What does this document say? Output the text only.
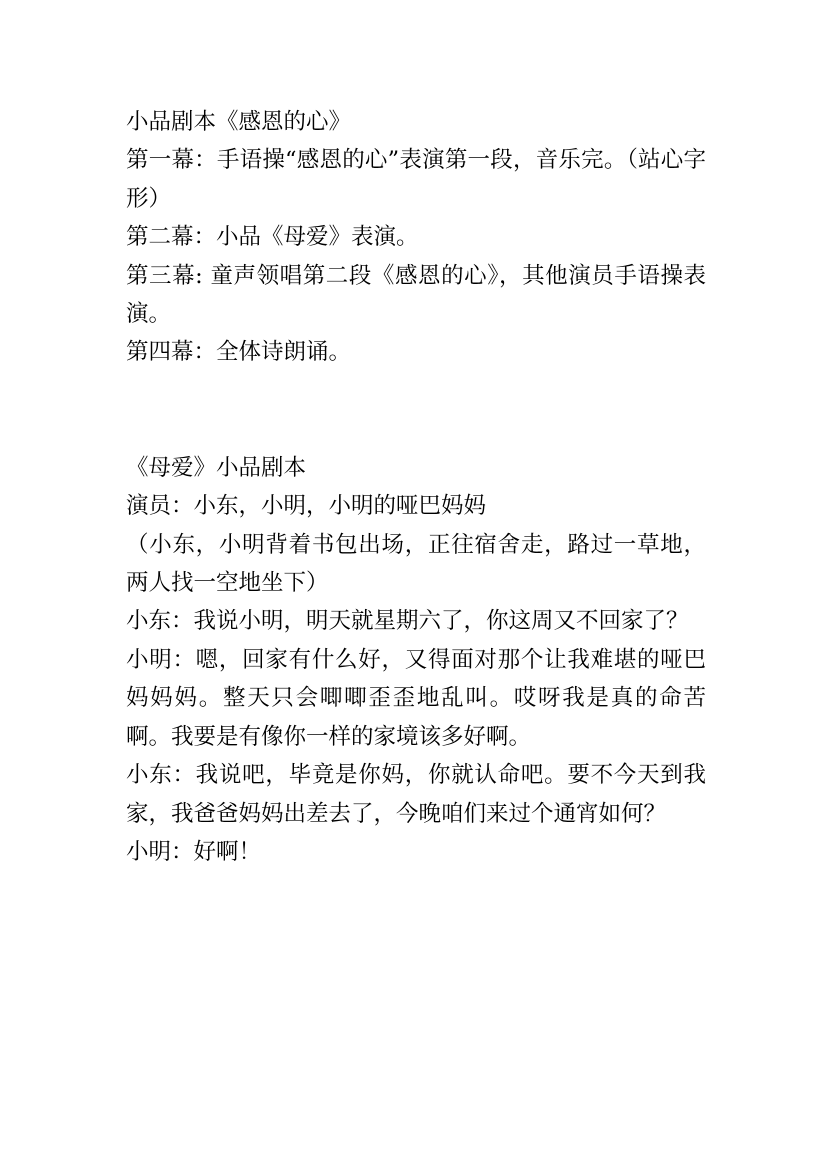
小品剧本《感恩的心》

第一幕：手语操“感恩的心”表演第一段，音乐完。（站心字形）

第二幕：小品《母爱》表演。

第三幕: 童声领唱第二段《感恩的心》，其他演员手语操表演。

第四幕：全体诗朗诵。

《母爱》小品剧本

演员：小东，小明，小明的哑巴妈妈

（小东，小明背着书包出场，正往宿舍走，路过一草地，两人找一空地坐下）

小东：我说小明，明天就星期六了，你这周又不回家了？

小明：嗯，回家有什么好，又得面对那个让我难堪的哑巴妈妈妈。整天只会唧唧歪歪地乱叫。哎呀我是真的命苦啊。我要是有像你一样的家境该多好啊。

小东：我说吧，毕竟是你妈，你就认命吧。要不今天到我家，我爸爸妈妈出差去了，今晚咱们来过个通宵如何？

小明：好啊！
